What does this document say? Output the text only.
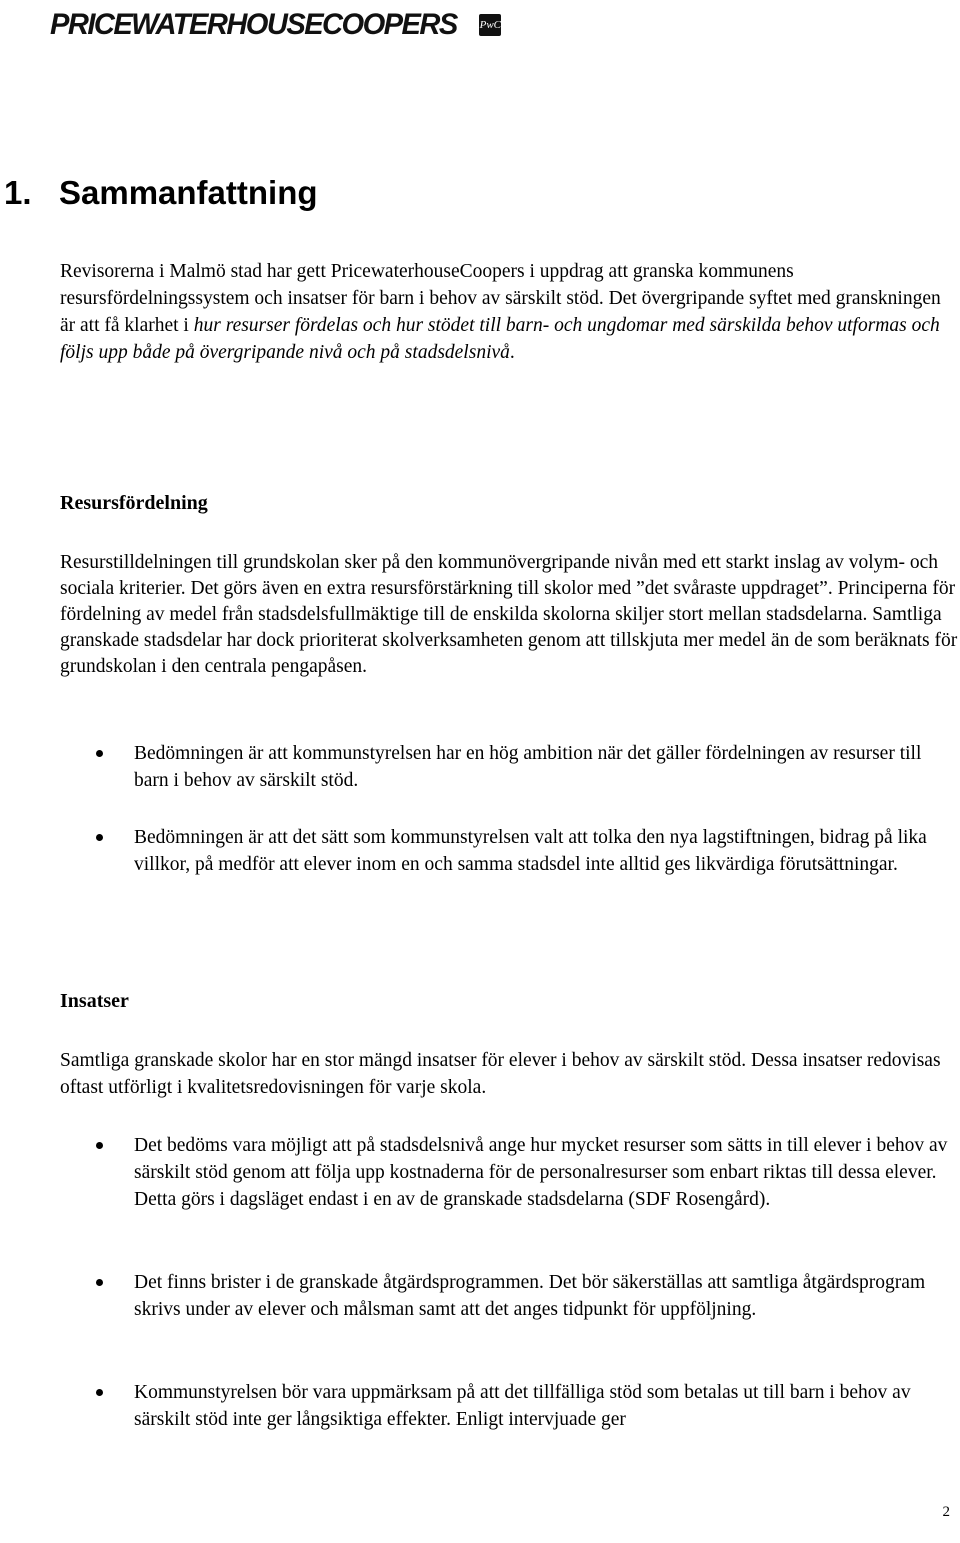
PRICEWATERHOUSECOOPERS PwC
1. Sammanfattning

Revisorerna i Malmö stad har gett PricewaterhouseCoopers i uppdrag att granska kommunens resursfördelningssystem och insatser för barn i behov av särskilt stöd. Det övergripande syftet med granskningen är att få klarhet i hur resurser fördelas och hur stödet till barn- och ungdomar med särskilda behov utformas och följs upp både på övergripande nivå och på stadsdelsnivå.

Resursfördelning

Resurstilldelningen till grundskolan sker på den kommunövergripande nivån med ett starkt inslag av volym- och sociala kriterier. Det görs även en extra resursförstärkning till skolor med ”det svåraste uppdraget”. Principerna för fördelning av medel från stadsdelsfullmäktige till de enskilda skolorna skiljer stort mellan stadsdelarna. Samtliga granskade stadsdelar har dock prioriterat skolverksamheten genom att tillskjuta mer medel än de som beräknats för grundskolan i den centrala pengapåsen.

Bedömningen är att kommunstyrelsen har en hög ambition när det gäller fördelningen av resurser till barn i behov av särskilt stöd.

Bedömningen är att det sätt som kommunstyrelsen valt att tolka den nya lagstiftningen, bidrag på lika villkor, på medför att elever inom en och samma stadsdel inte alltid ges likvärdiga förutsättningar.

Insatser

Samtliga granskade skolor har en stor mängd insatser för elever i behov av särskilt stöd. Dessa insatser redovisas oftast utförligt i kvalitetsredovisningen för varje skola.

Det bedöms vara möjligt att på stadsdelsnivå ange hur mycket resurser som sätts in till elever i behov av särskilt stöd genom att följa upp kostnaderna för de personalresurser som enbart riktas till dessa elever. Detta görs i dagsläget endast i en av de granskade stadsdelarna (SDF Rosengård).

Det finns brister i de granskade åtgärdsprogrammen. Det bör säkerställas att samtliga åtgärdsprogram skrivs under av elever och målsman samt att det anges tidpunkt för uppföljning.

Kommunstyrelsen bör vara uppmärksam på att det tillfälliga stöd som betalas ut till barn i behov av särskilt stöd inte ger långsiktiga effekter. Enligt intervjuade ger

2
